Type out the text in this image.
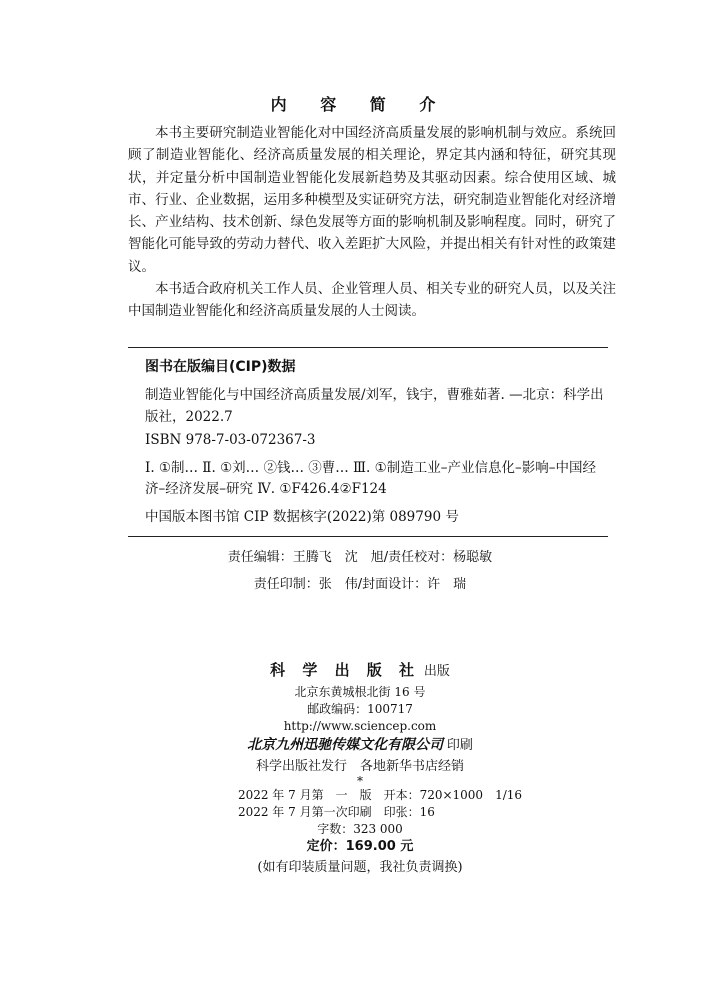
内 容 简 介

本书主要研究制造业智能化对中国经济高质量发展的影响机制与效应。系统回顾了制造业智能化、经济高质量发展的相关理论，界定其内涵和特征，研究其现状，并定量分析中国制造业智能化发展新趋势及其驱动因素。综合使用区域、城市、行业、企业数据，运用多种模型及实证研究方法，研究制造业智能化对经济增长、产业结构、技术创新、绿色发展等方面的影响机制及影响程度。同时，研究了智能化可能导致的劳动力替代、收入差距扩大风险，并提出相关有针对性的政策建议。

本书适合政府机关工作人员、企业管理人员、相关专业的研究人员，以及关注中国制造业智能化和经济高质量发展的人士阅读。

图书在版编目(CIP)数据
制造业智能化与中国经济高质量发展/刘军，钱宇，曹雅茹著. —北京：科学出版社，2022.7
ISBN 978-7-03-072367-3
Ⅰ. ①制… Ⅱ. ①刘… ②钱… ③曹… Ⅲ. ①制造工业–产业信息化–影响–中国经济–经济发展–研究 Ⅳ. ①F426.4②F124
中国版本图书馆 CIP 数据核字(2022)第 089790 号
责任编辑：王腾飞　沈　旭/责任校对：杨聪敏
责任印制：张　伟/封面设计：许　瑞
科 学 出 版 社 出版
北京东黄城根北街 16 号
邮政编码：100717
http://www.sciencep.com
北京九州迅驰传媒文化有限公司 印刷
科学出版社发行　各地新华书店经销
*
2022 年 7 月第　一　版　开本：720×1000　1/16
2022 年 7 月第一次印刷　印张：16
字数：323 000
定价：169.00 元
(如有印装质量问题，我社负责调换)
